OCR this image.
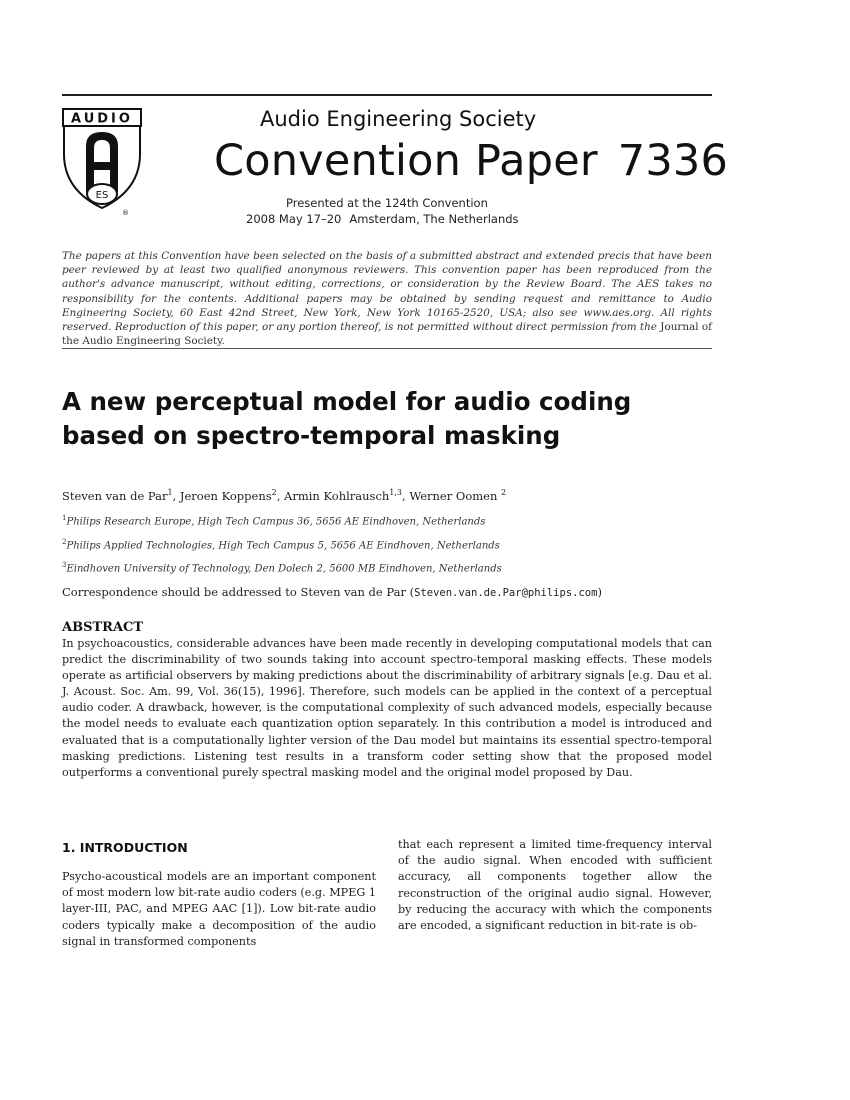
AUDIO
ES
®
Audio Engineering Society
Convention Paper 7336
Presented at the 124th Convention
2008 May 17–20 Amsterdam, The Netherlands
The papers at this Convention have been selected on the basis of a submitted abstract and extended precis that have been peer reviewed by at least two qualified anonymous reviewers. This convention paper has been reproduced from the author's advance manuscript, without editing, corrections, or consideration by the Review Board. The AES takes no responsibility for the contents. Additional papers may be obtained by sending request and remittance to Audio Engineering Society, 60 East 42nd Street, New York, New York 10165-2520, USA; also see www.aes.org. All rights reserved. Reproduction of this paper, or any portion thereof, is not permitted without direct permission from the Journal of the Audio Engineering Society.
A new perceptual model for audio coding
based on spectro-temporal masking
Steven van de Par$^1$, Jeroen Koppens$^2$, Armin Kohlrausch$^{1,3}$, Werner Oomen $^2$
$^1$Philips Research Europe, High Tech Campus 36, 5656 AE Eindhoven, Netherlands
$^2$Philips Applied Technologies, High Tech Campus 5, 5656 AE Eindhoven, Netherlands
$^3$Eindhoven University of Technology, Den Dolech 2, 5600 MB Eindhoven, Netherlands
Correspondence should be addressed to Steven van de Par (Steven.van.de.Par@philips.com)
ABSTRACT
In psychoacoustics, considerable advances have been made recently in developing computational models that can predict the discriminability of two sounds taking into account spectro-temporal masking effects. These models operate as artificial observers by making predictions about the discriminability of arbitrary signals [e.g. Dau et al. J. Acoust. Soc. Am. 99, Vol. 36(15), 1996]. Therefore, such models can be applied in the context of a perceptual audio coder. A drawback, however, is the computational complexity of such advanced models, especially because the model needs to evaluate each quantization option separately. In this contribution a model is introduced and evaluated that is a computationally lighter version of the Dau model but maintains its essential spectro-temporal masking predictions. Listening test results in a transform coder setting show that the proposed model outperforms a conventional purely spectral masking model and the original model proposed by Dau.
1. INTRODUCTION
Psycho-acoustical models are an important component of most modern low bit-rate audio coders (e.g. MPEG 1 layer-III, PAC, and MPEG AAC [1]). Low bit-rate audio coders typically make a decomposition of the audio signal in transformed components
that each represent a limited time-frequency interval of the audio signal. When encoded with sufficient accuracy, all components together allow the reconstruction of the original audio signal. However, by reducing the accuracy with which the components are encoded, a significant reduction in bit-rate is ob-
